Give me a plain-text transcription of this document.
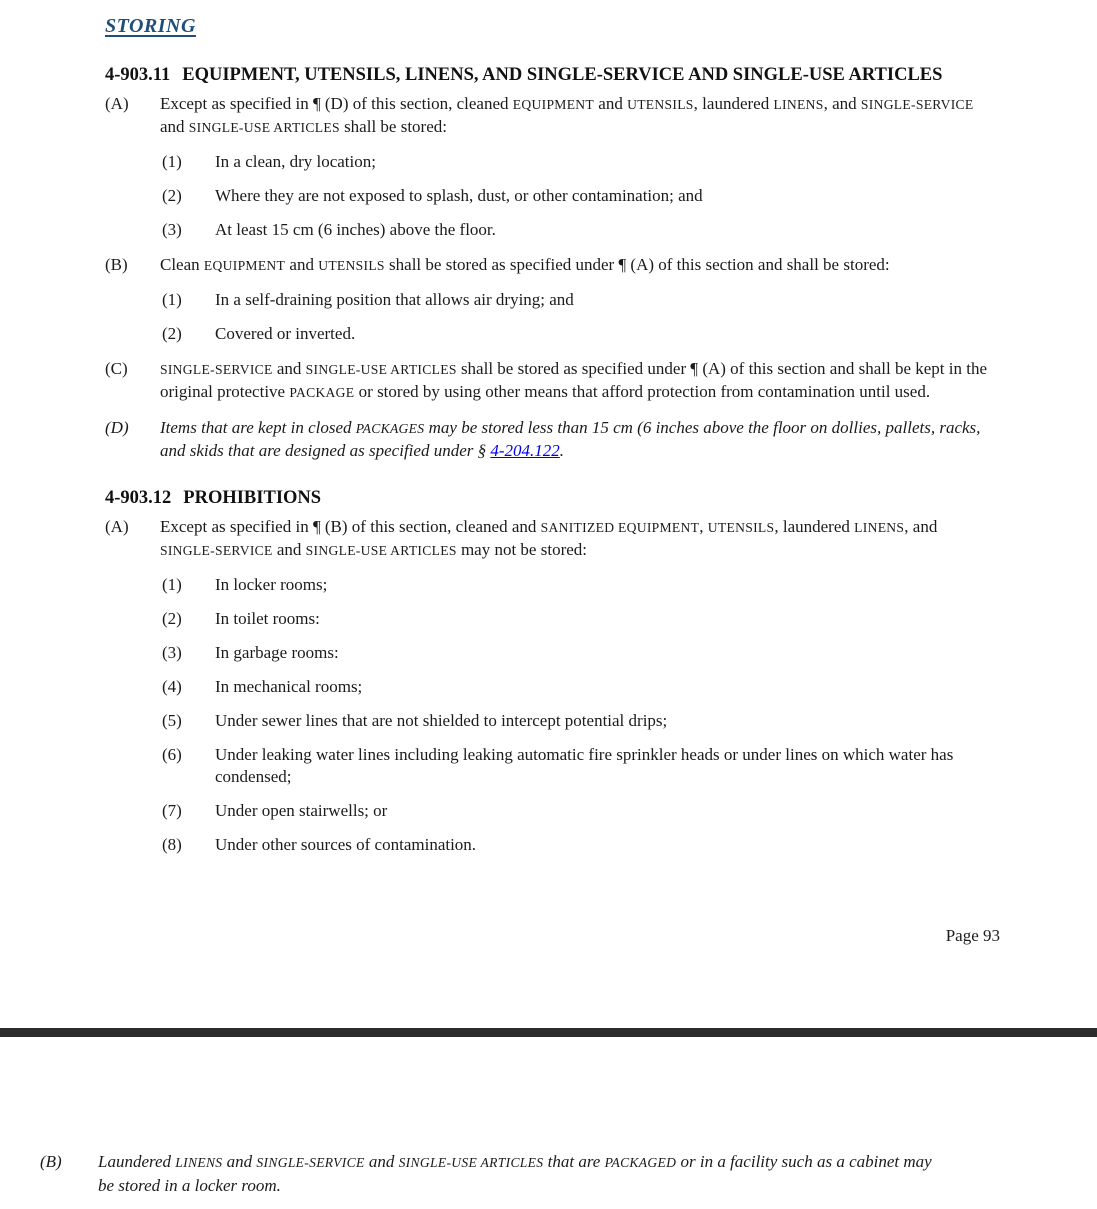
STORING
4-903.11 EQUIPMENT, UTENSILS, LINENS, AND SINGLE-SERVICE AND SINGLE-USE ARTICLES
(A)	Except as specified in ¶ (D) of this section, cleaned EQUIPMENT and UTENSILS, laundered LINENS, and SINGLE-SERVICE and SINGLE-USE ARTICLES shall be stored:
(1)	In a clean, dry location;
(2)	Where they are not exposed to splash, dust, or other contamination; and
(3)	At least 15 cm (6 inches) above the floor.
(B)	Clean EQUIPMENT and UTENSILS shall be stored as specified under ¶ (A) of this section and shall be stored:
(1)	In a self-draining position that allows air drying; and
(2)	Covered or inverted.
(C)	SINGLE-SERVICE and SINGLE-USE ARTICLES shall be stored as specified under ¶ (A) of this section and shall be kept in the original protective PACKAGE or stored by using other means that afford protection from contamination until used.
(D)	Items that are kept in closed PACKAGES may be stored less than 15 cm (6 inches above the floor on dollies, pallets, racks, and skids that are designed as specified under § 4-204.122.
4-903.12 PROHIBITIONS
(A)	Except as specified in ¶ (B) of this section, cleaned and SANITIZED EQUIPMENT, UTENSILS, laundered LINENS, and SINGLE-SERVICE and SINGLE-USE ARTICLES may not be stored:
(1)	In locker rooms;
(2)	In toilet rooms:
(3)	In garbage rooms:
(4)	In mechanical rooms;
(5)	Under sewer lines that are not shielded to intercept potential drips;
(6)	Under leaking water lines including leaking automatic fire sprinkler heads or under lines on which water has condensed;
(7)	Under open stairwells; or
(8)	Under other sources of contamination.
Page 93
(B)	Laundered LINENS and SINGLE-SERVICE and SINGLE-USE ARTICLES that are PACKAGED or in a facility such as a cabinet may be stored in a locker room.
